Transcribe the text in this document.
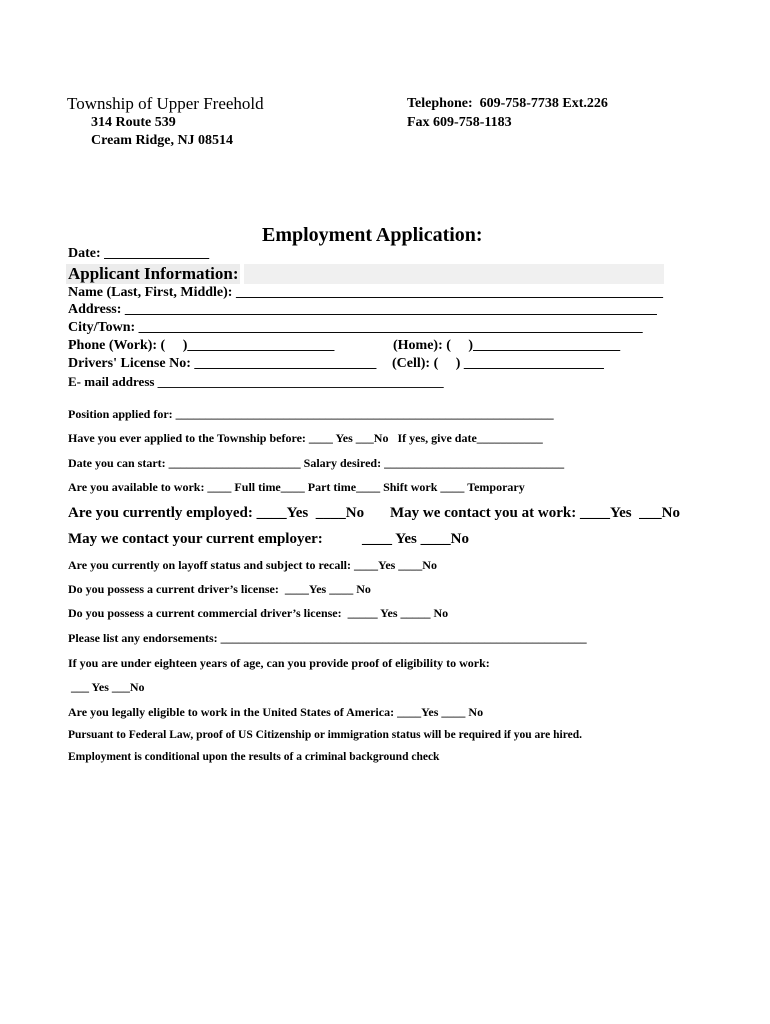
Township of Upper Freehold
314 Route 539
Cream Ridge, NJ 08514
Telephone:  609-758-7738 Ext.226
Fax 609-758-1183
Employment Application:
Date: _______________
Applicant Information:
Name (Last, First, Middle): _____________________________________________________________
Address: ____________________________________________________________________________
City/Town: ________________________________________________________________________
Phone (Work): (     )_____________________	(Home): (     )_____________________
Drivers' License No: __________________________ (Cell): (     ) ____________________
E- mail address ____________________________________________
Position applied for: _______________________________________________________________
Have you ever applied to the Township before: ____ Yes ___No   If yes, give date___________
Date you can start: ______________________ Salary desired: ______________________________
Are you available to work: ____ Full time____ Part time____ Shift work ____ Temporary
Are you currently employed: ____Yes  ____No May we contact you at work: ____Yes  ___No
May we contact your current employer:	____ Yes ____No
Are you currently on layoff status and subject to recall: ____Yes ____No
Do you possess a current driver’s license:  ____Yes ____ No
Do you possess a current commercial driver’s license:  _____ Yes _____ No
Please list any endorsements: _____________________________________________________________
If you are under eighteen years of age, can you provide proof of eligibility to work:
___ Yes ___No
Are you legally eligible to work in the United States of America: ____Yes ____ No
Pursuant to Federal Law, proof of US Citizenship or immigration status will be required if you are hired.
Employment is conditional upon the results of a criminal background check
